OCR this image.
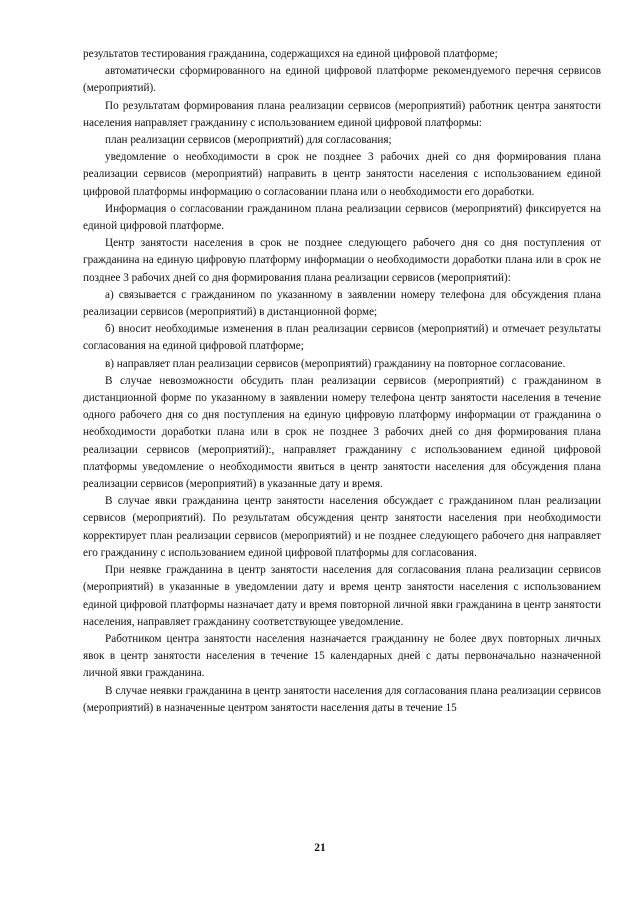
результатов тестирования гражданина, содержащихся на единой цифровой платформе;

автоматически сформированного на единой цифровой платформе рекомендуемого перечня сервисов (мероприятий).

По результатам формирования плана реализации сервисов (мероприятий) работник центра занятости населения направляет гражданину с использованием единой цифровой платформы:

план реализации сервисов (мероприятий) для согласования;

уведомление о необходимости в срок не позднее 3 рабочих дней со дня формирования плана реализации сервисов (мероприятий) направить в центр занятости населения с использованием единой цифровой платформы информацию о согласовании плана или о необходимости его доработки.

Информация о согласовании гражданином плана реализации сервисов (мероприятий) фиксируется на единой цифровой платформе.

Центр занятости населения в срок не позднее следующего рабочего дня со дня поступления от гражданина на единую цифровую платформу информации о необходимости доработки плана или в срок не позднее 3 рабочих дней со дня формирования плана реализации сервисов (мероприятий):

а) связывается с гражданином по указанному в заявлении номеру телефона для обсуждения плана реализации сервисов (мероприятий) в дистанционной форме;

б) вносит необходимые изменения в план реализации сервисов (мероприятий) и отмечает результаты согласования на единой цифровой платформе;

в) направляет план реализации сервисов (мероприятий) гражданину на повторное согласование.

В случае невозможности обсудить план реализации сервисов (мероприятий) с гражданином в дистанционной форме по указанному в заявлении номеру телефона центр занятости населения в течение одного рабочего дня со дня поступления на единую цифровую платформу информации от гражданина о необходимости доработки плана или в срок не позднее 3 рабочих дней со дня формирования плана реализации сервисов (мероприятий):, направляет гражданину с использованием единой цифровой платформы уведомление о необходимости явиться в центр занятости населения для обсуждения плана реализации сервисов (мероприятий) в указанные дату и время.

В случае явки гражданина центр занятости населения обсуждает с гражданином план реализации сервисов (мероприятий). По результатам обсуждения центр занятости населения при необходимости корректирует план реализации сервисов (мероприятий) и не позднее следующего рабочего дня направляет его гражданину с использованием единой цифровой платформы для согласования.

При неявке гражданина в центр занятости населения для согласования плана реализации сервисов (мероприятий) в указанные в уведомлении дату и время центр занятости населения с использованием единой цифровой платформы назначает дату и время повторной личной явки гражданина в центр занятости населения, направляет гражданину соответствующее уведомление.

Работником центра занятости населения назначается гражданину не более двух повторных личных явок в центр занятости населения в течение 15 календарных дней с даты первоначально назначенной личной явки гражданина.

В случае неявки гражданина в центр занятости населения для согласования плана реализации сервисов (мероприятий) в назначенные центром занятости населения даты в течение 15

21
